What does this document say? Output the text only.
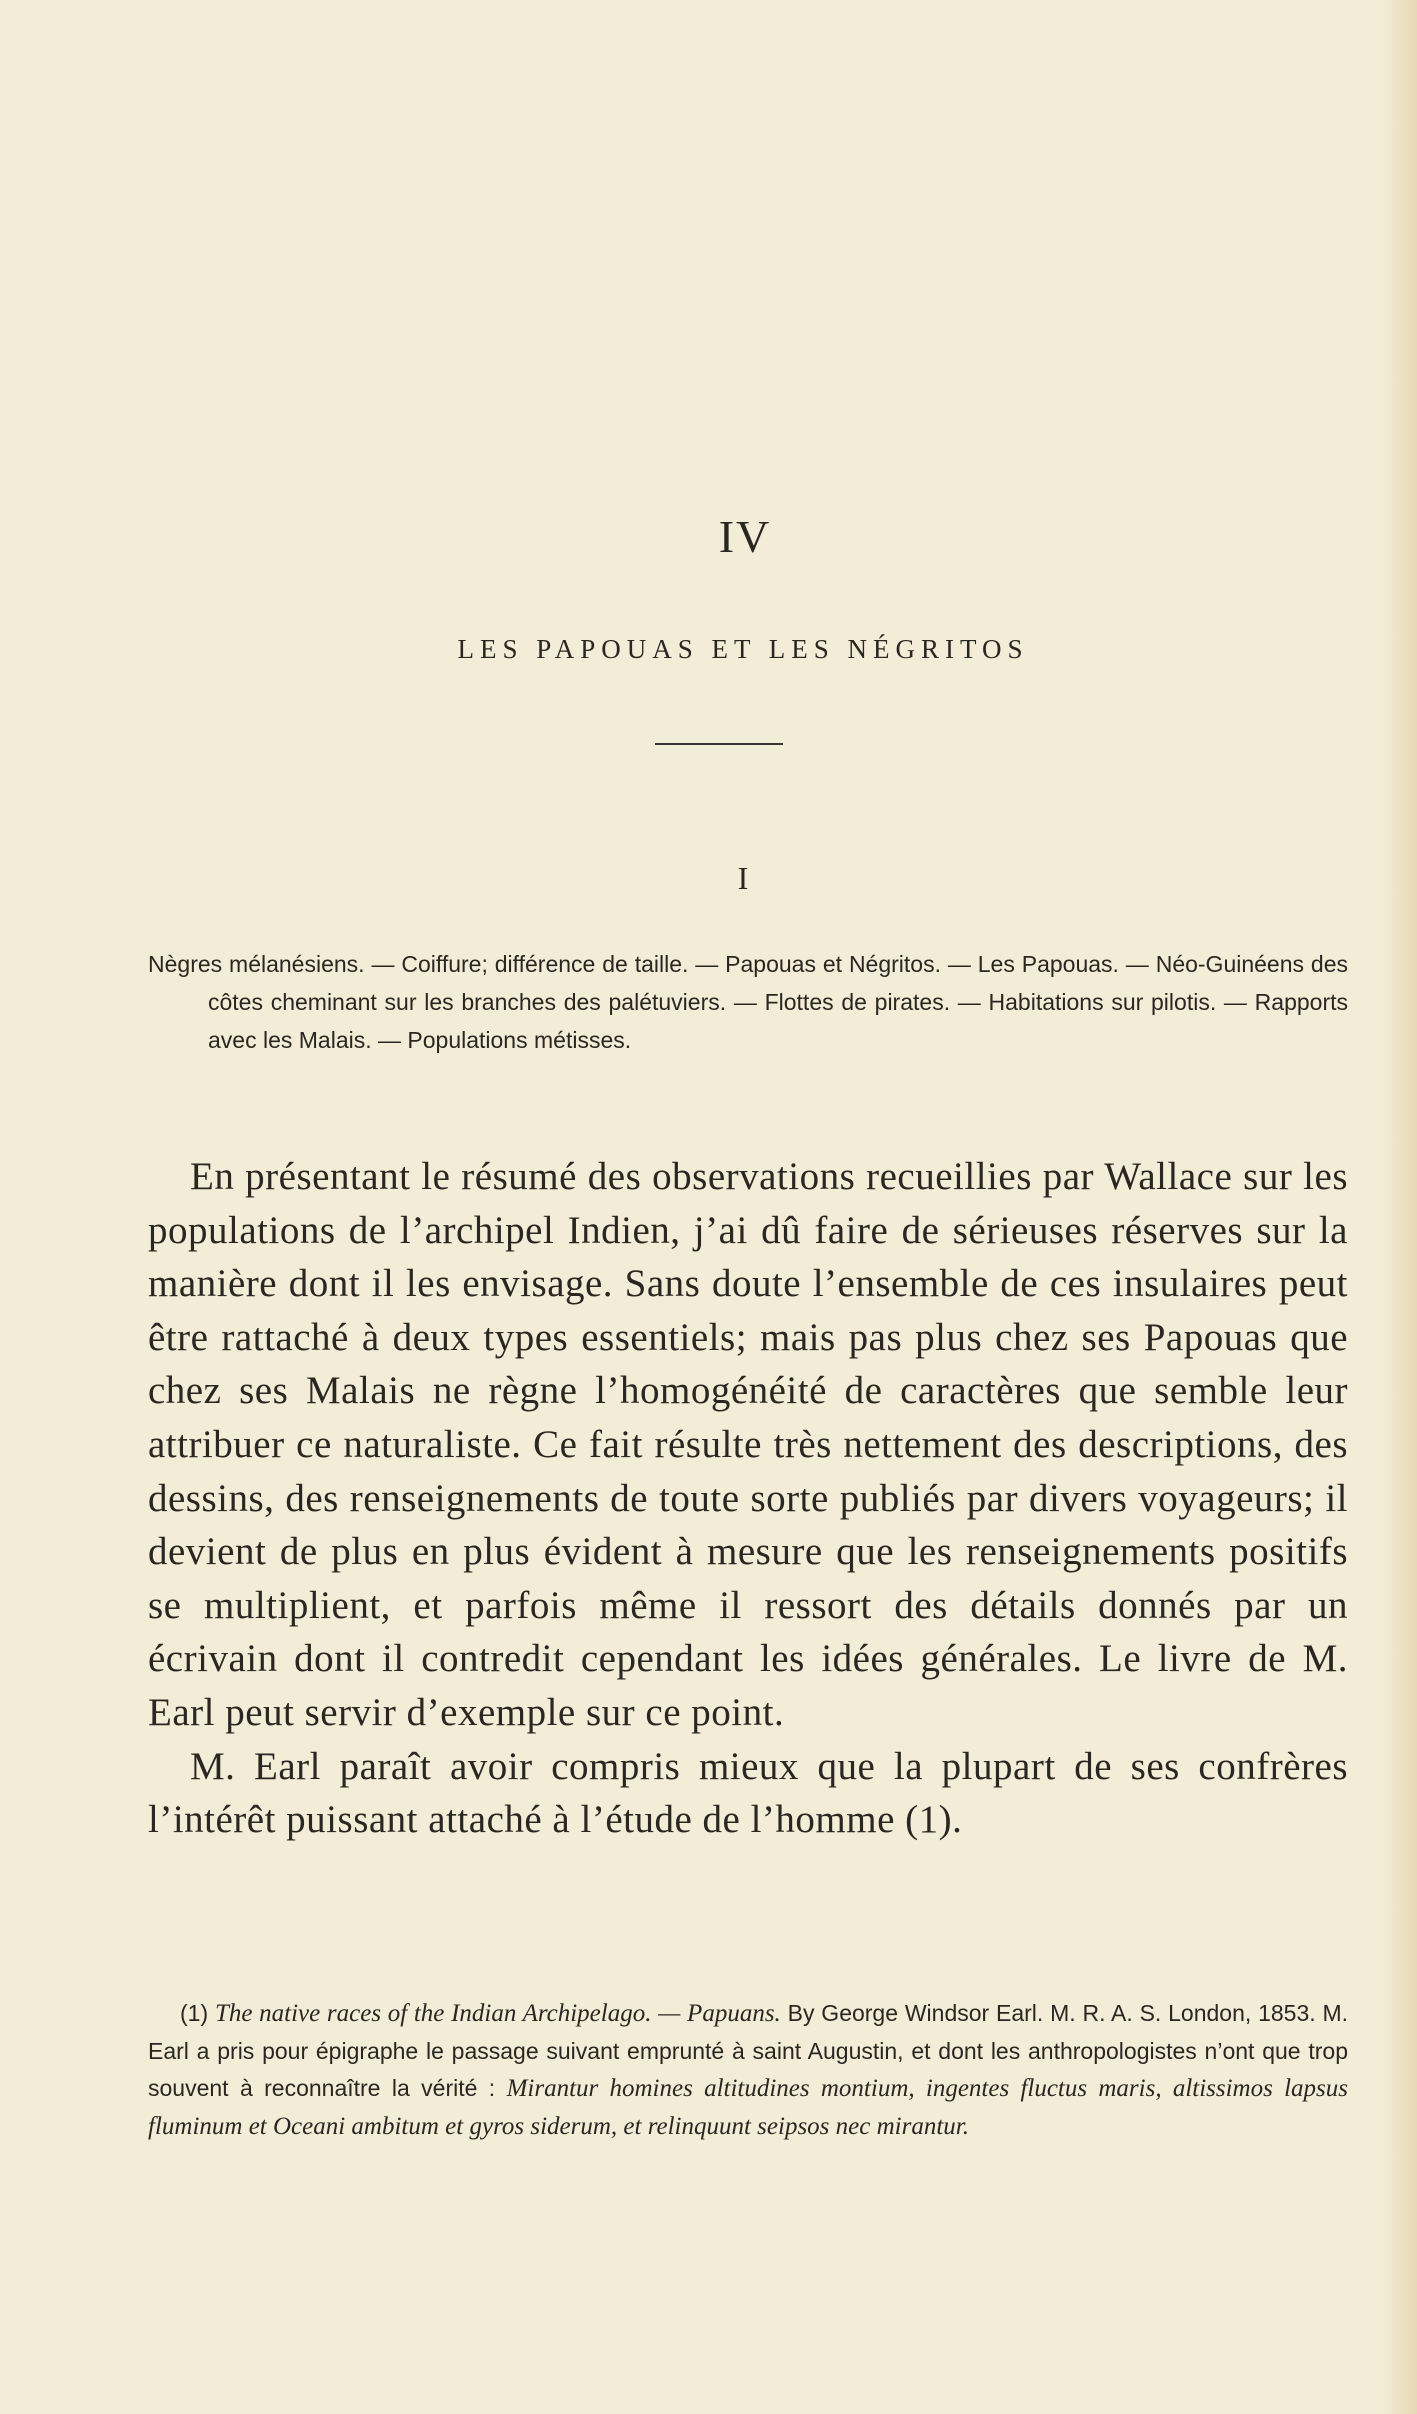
IV
LES PAPOUAS ET LES NÉGRITOS
I
Nègres mélanésiens. — Coiffure; différence de taille. — Papouas et Négritos. — Les Papouas. — Néo-Guinéens des côtes cheminant sur les branches des palétuviers. — Flottes de pirates. — Habitations sur pilotis. — Rapports avec les Malais. — Populations métisses.

En présentant le résumé des observations recueillies par Wallace sur les populations de l’archipel Indien, j’ai dû faire de sérieuses réserves sur la manière dont il les envisage. Sans doute l’ensemble de ces insulaires peut être rattaché à deux types essentiels; mais pas plus chez ses Papouas que chez ses Malais ne règne l’homogénéité de caractères que semble leur attribuer ce naturaliste. Ce fait résulte très nettement des descriptions, des dessins, des renseignements de toute sorte publiés par divers voyageurs; il devient de plus en plus évident à mesure que les renseignements positifs se multiplient, et parfois même il ressort des détails donnés par un écrivain dont il contredit cependant les idées générales. Le livre de M. Earl peut servir d’exemple sur ce point.

M. Earl paraît avoir compris mieux que la plupart de ses confrères l’intérêt puissant attaché à l’étude de l’homme (1).

(1) The native races of the Indian Archipelago. — Papuans. By George Windsor Earl. M. R. A. S. London, 1853. M. Earl a pris pour épigraphe le passage suivant emprunté à saint Augustin, et dont les anthropologistes n’ont que trop souvent à reconnaître la vérité : Mirantur homines altitudines montium, ingentes fluctus maris, altissimos lapsus fluminum et Oceani ambitum et gyros siderum, et relinquunt seipsos nec mirantur.
